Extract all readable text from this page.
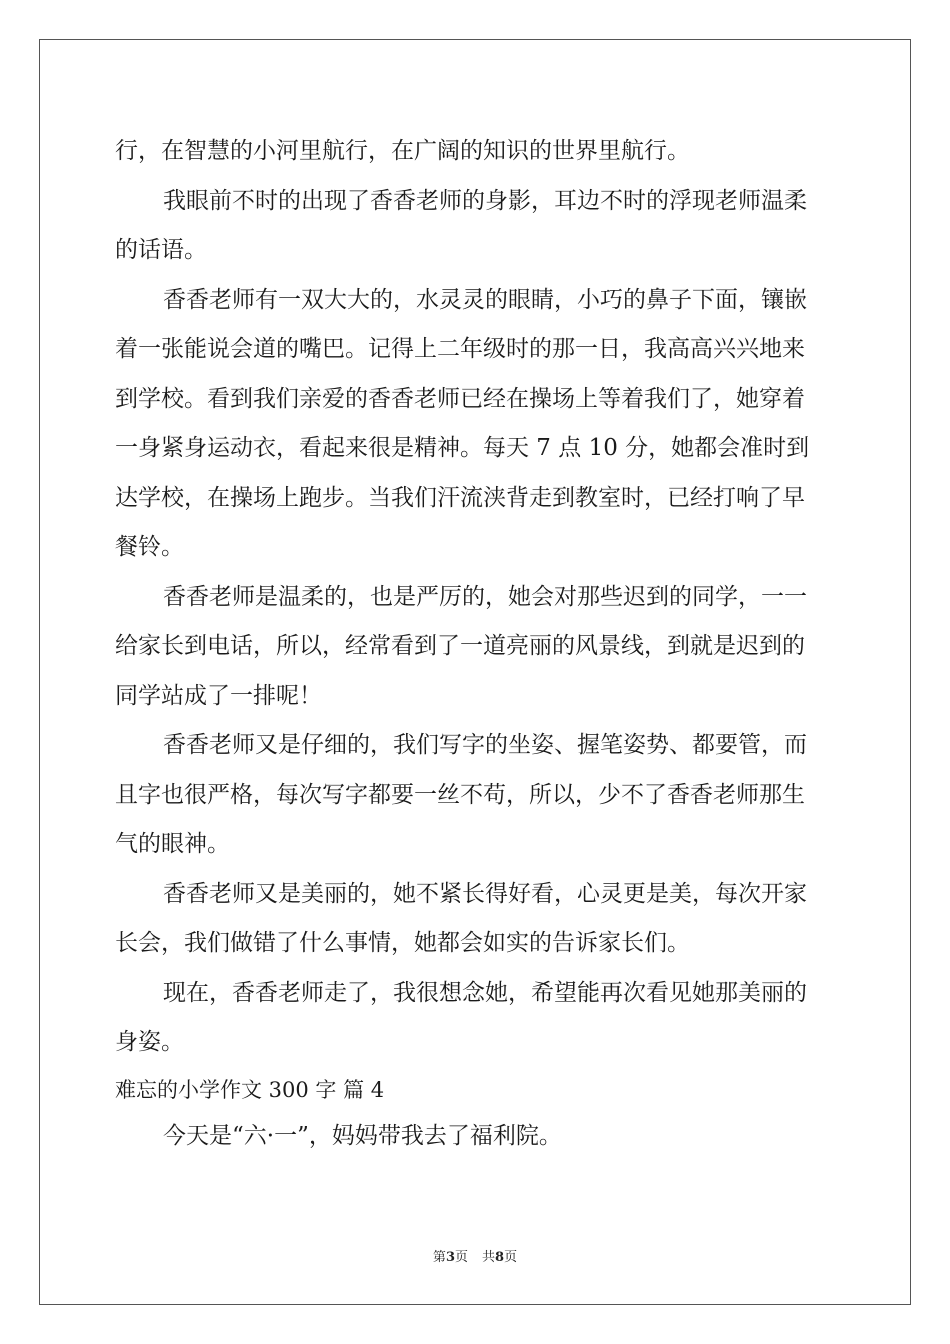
行，在智慧的小河里航行，在广阔的知识的世界里航行。
我眼前不时的出现了香香老师的身影，耳边不时的浮现老师温柔
的话语。
香香老师有一双大大的，水灵灵的眼睛，小巧的鼻子下面，镶嵌
着一张能说会道的嘴巴。记得上二年级时的那一日，我高高兴兴地来
到学校。看到我们亲爱的香香老师已经在操场上等着我们了，她穿着
一身紧身运动衣，看起来很是精神。每天 7 点 10 分，她都会准时到
达学校，在操场上跑步。当我们汗流浃背走到教室时，已经打响了早
餐铃。
香香老师是温柔的，也是严厉的，她会对那些迟到的同学，一一
给家长到电话，所以，经常看到了一道亮丽的风景线，到就是迟到的
同学站成了一排呢！
香香老师又是仔细的，我们写字的坐姿、握笔姿势、都要管，而
且字也很严格，每次写字都要一丝不苟，所以，少不了香香老师那生
气的眼神。
香香老师又是美丽的，她不紧长得好看，心灵更是美，每次开家
长会，我们做错了什么事情，她都会如实的告诉家长们。
现在，香香老师走了，我很想念她，希望能再次看见她那美丽的
身姿。
难忘的小学作文 300 字 篇 4
今天是“六·一”，妈妈带我去了福利院。
第3页 共8页
